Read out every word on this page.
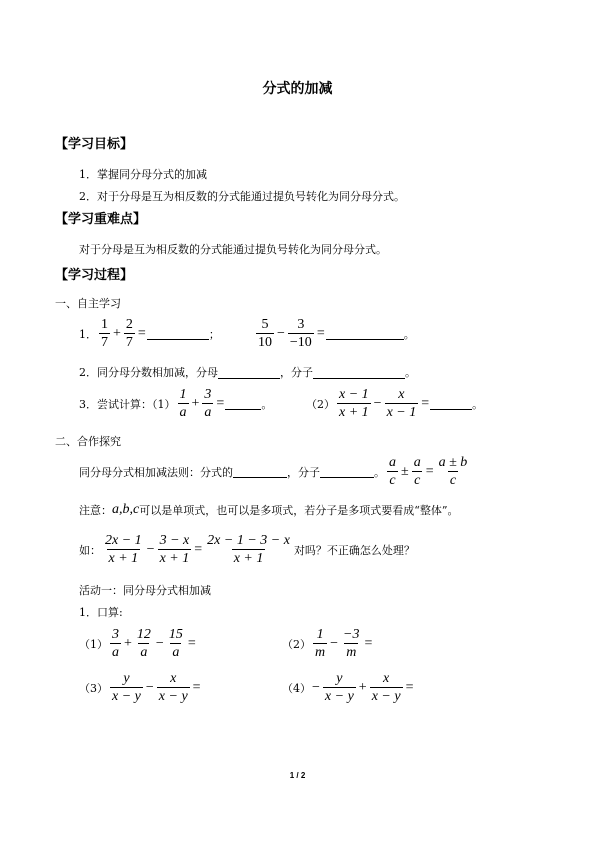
分式的加减
【学习目标】
1．掌握同分母分式的加减
2．对于分母是互为相反数的分式能通过提负号转化为同分母分式。
【学习重难点】
对于分母是互为相反数的分式能通过提负号转化为同分母分式。
【学习过程】
一、自主学习
1． $\frac{1}{7} + \frac{2}{7}$ =	；	$\frac{5}{10} - \frac{3}{-10}$ =	。
2．同分母分数相加减，分母	，分子	。
3．尝试计算：$(1) \frac{1}{a} + \frac{3}{a}$ =	。	$(2) \frac{x - 1}{x + 1} - \frac{x}{x - 1}$ =	。
二、合作探究
同分母分式相加减法则：分式的	，分子	。 $\frac{a}{c} \pm \frac{a}{c} = \frac{a \pm b}{c}$
注意： a,b,c 可以是单项式，也可以是多项式，若分子是多项式要看成“整体”。
如： $\frac{2x - 1}{x + 1} - \frac{3 - x}{x + 1} = \frac{2x - 1 - 3 - x}{x + 1}$ 对吗？不正确怎么处理？
活动一：同分母分式相加减
1．口算:
$(1) \frac{3}{a} + \frac{12}{a} - \frac{15}{a}$ =	$(2) \frac{1}{m} - \frac{-3}{m}$ =
$(3) \frac{y}{x - y} - \frac{x}{x - y}$ =	$(4) - \frac{y}{x - y} + \frac{x}{x - y}$ =
1 / 2
